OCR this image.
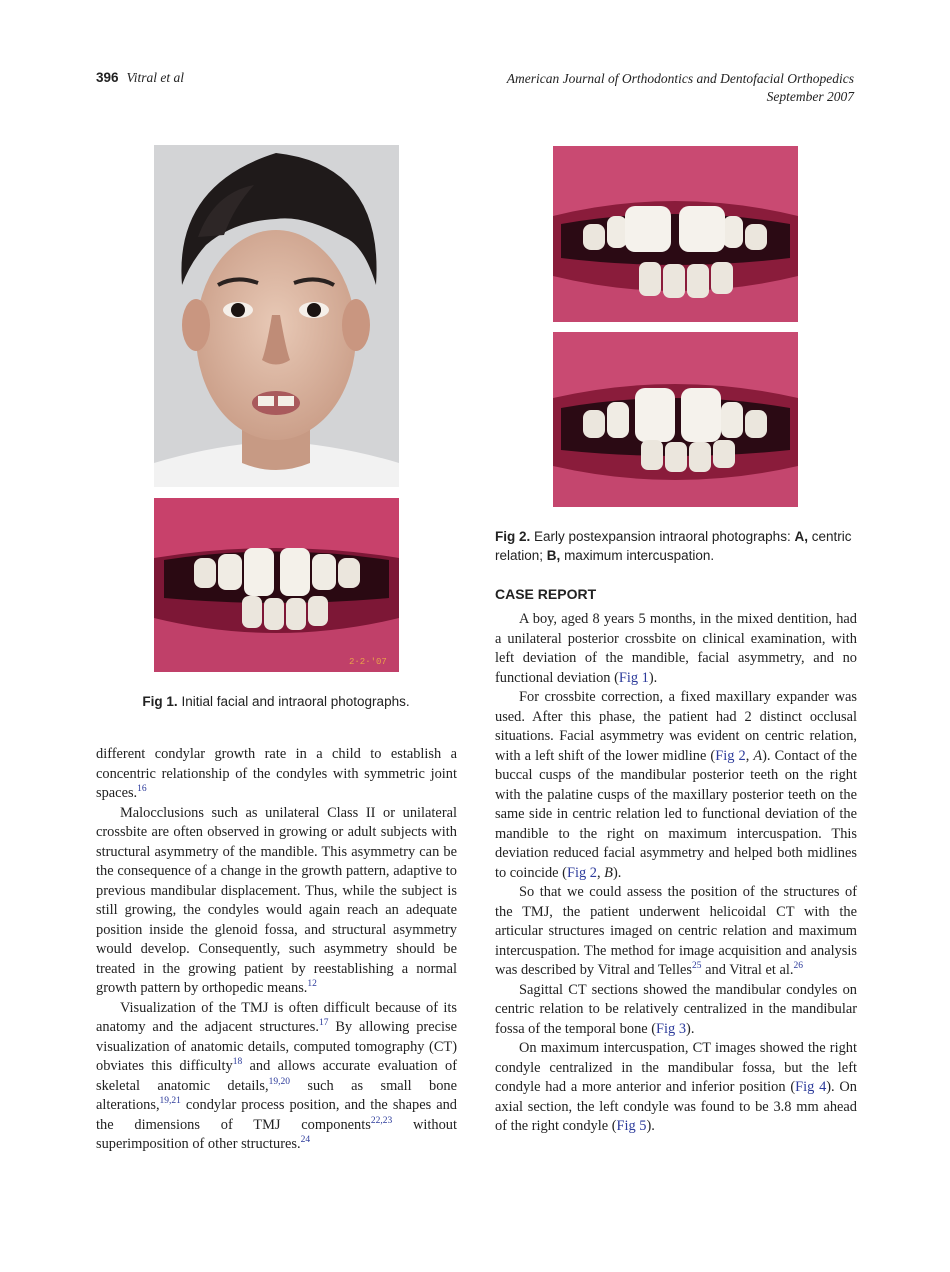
396 Vitral et al	American Journal of Orthodontics and Dentofacial Orthopedics
September 2007
2·2·'07
Fig 1. Initial facial and intraoral photographs.
Fig 2. Early postexpansion intraoral photographs: A, centric relation; B, maximum intercuspation.
CASE REPORT

different condylar growth rate in a child to establish a concentric relationship of the condyles with symmetric joint spaces.$^{16}$

Malocclusions such as unilateral Class II or unilateral crossbite are often observed in growing or adult subjects with structural asymmetry of the mandible. This asymmetry can be the consequence of a change in the growth pattern, adaptive to previous mandibular displacement. Thus, while the subject is still growing, the condyles would again reach an adequate position inside the glenoid fossa, and structural asymmetry would develop. Consequently, such asymmetry should be treated in the growing patient by reestablishing a normal growth pattern by orthopedic means.$^{12}$

Visualization of the TMJ is often difficult because of its anatomy and the adjacent structures.$^{17}$ By allowing precise visualization of anatomic details, computed tomography (CT) obviates this difficulty$^{18}$ and allows accurate evaluation of skeletal anatomic details,$^{19,20}$ such as small bone alterations,$^{19,21}$ condylar process position, and the shapes and the dimensions of TMJ components$^{22,23}$ without superimposition of other structures.$^{24}$

A boy, aged 8 years 5 months, in the mixed dentition, had a unilateral posterior crossbite on clinical examination, with left deviation of the mandible, facial asymmetry, and no functional deviation (Fig 1).

For crossbite correction, a fixed maxillary expander was used. After this phase, the patient had 2 distinct occlusal situations. Facial asymmetry was evident on centric relation, with a left shift of the lower midline (Fig 2, A). Contact of the buccal cusps of the mandibular posterior teeth on the right with the palatine cusps of the maxillary posterior teeth on the same side in centric relation led to functional deviation of the mandible to the right on maximum intercuspation. This deviation reduced facial asymmetry and helped both midlines to coincide (Fig 2, B).

So that we could assess the position of the structures of the TMJ, the patient underwent helicoidal CT with the articular structures imaged on centric relation and maximum intercuspation. The method for image acquisition and analysis was described by Vitral and Telles$^{25}$ and Vitral et al.$^{26}$

Sagittal CT sections showed the mandibular condyles on centric relation to be relatively centralized in the mandibular fossa of the temporal bone (Fig 3).

On maximum intercuspation, CT images showed the right condyle centralized in the mandibular fossa, but the left condyle had a more anterior and inferior position (Fig 4). On axial section, the left condyle was found to be 3.8 mm ahead of the right condyle (Fig 5).
